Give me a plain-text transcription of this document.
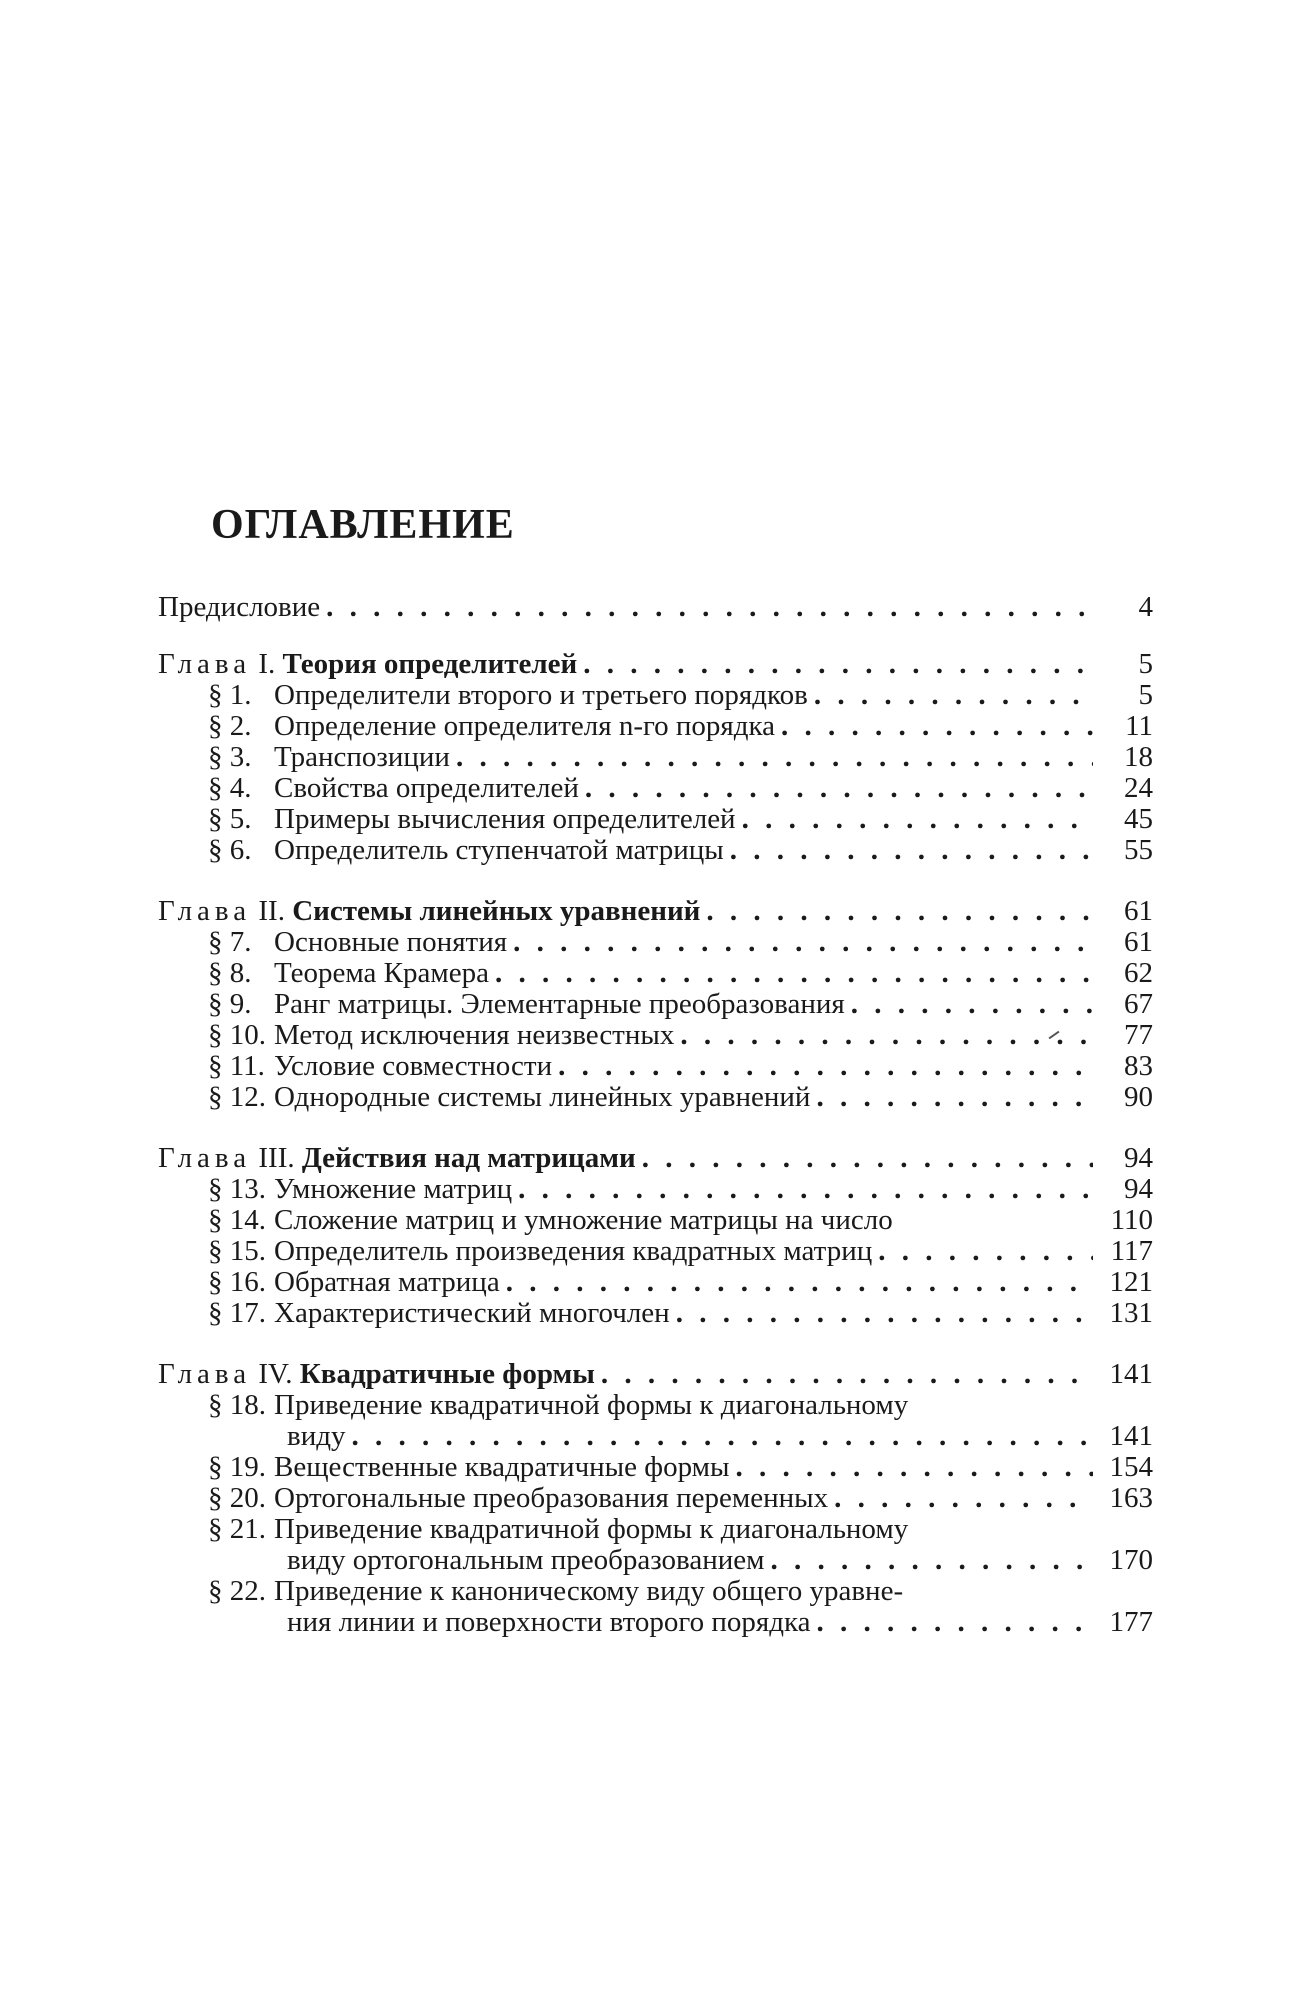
ОГЛАВЛЕНИЕ
Предисловие . . .	4
Глава I. Теория определителей . . .	5
§ 1. Определители второго и третьего порядков . . .	5
§ 2. Определение определителя n-го порядка . . .	11
§ 3. Транспозиции . . .	18
§ 4. Свойства определителей . . .	24
§ 5. Примеры вычисления определителей . . .	45
§ 6. Определитель ступенчатой матрицы . . .	55
Глава II. Системы линейных уравнений . . .	61
§ 7. Основные понятия . . .	61
§ 8. Теорема Крамера . . .	62
§ 9. Ранг матрицы. Элементарные преобразования . . .	67
§ 10. Метод исключения неизвестных . . .	77
§ 11. Условие совместности . . .	83
§ 12. Однородные системы линейных уравнений . . .	90
Глава III. Действия над матрицами . . .	94
§ 13. Умножение матриц . . .	94
§ 14. Сложение матриц и умножение матрицы на число	110
§ 15. Определитель произведения квадратных матриц . . .	117
§ 16. Обратная матрица . . .	121
§ 17. Характеристический многочлен . . .	131
Глава IV. Квадратичные формы . . .	141
§ 18. Приведение квадратичной формы к диагональному
виду . . .	141
§ 19. Вещественные квадратичные формы . . .	154
§ 20. Ортогональные преобразования переменных . . .	163
§ 21. Приведение квадратичной формы к диагональному
виду ортогональным преобразованием . . .	170
§ 22. Приведение к каноническому виду общего уравне-
ния линии и поверхности второго порядка . . .	177
